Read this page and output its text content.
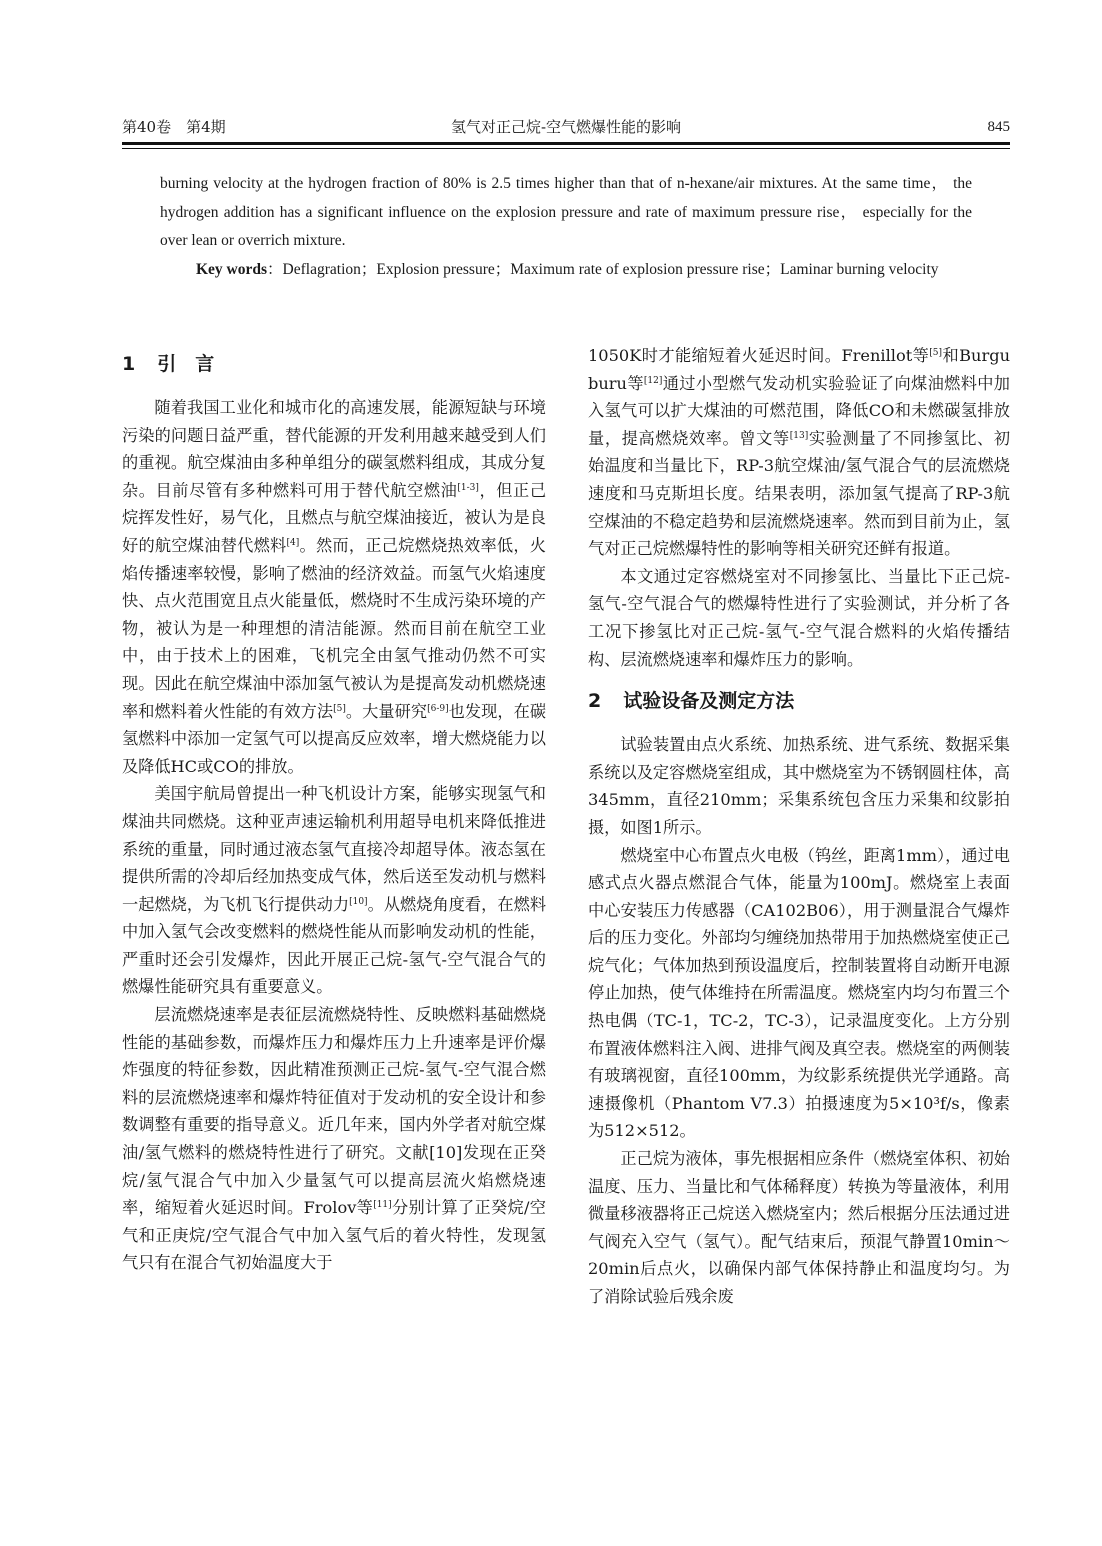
第40卷　第4期	氢气对正己烷-空气燃爆性能的影响	845

burning velocity at the hydrogen fraction of 80% is 2.5 times higher than that of n-hexane/air mixtures. At the same time， the hydrogen addition has a significant influence on the explosion pressure and rate of maximum pressure rise， especially for the over lean or overrich mixture.

Key words：Deflagration；Explosion pressure；Maximum rate of explosion pressure rise；Laminar burning velocity

1 引　言

随着我国工业化和城市化的高速发展，能源短缺与环境污染的问题日益严重，替代能源的开发利用越来越受到人们的重视。航空煤油由多种单组分的碳氢燃料组成，其成分复杂。目前尽管有多种燃料可用于替代航空燃油[1-3]，但正己烷挥发性好，易气化，且燃点与航空煤油接近，被认为是良好的航空煤油替代燃料[4]。然而，正己烷燃烧热效率低，火焰传播速率较慢，影响了燃油的经济效益。而氢气火焰速度快、点火范围宽且点火能量低，燃烧时不生成污染环境的产物，被认为是一种理想的清洁能源。然而目前在航空工业中，由于技术上的困难，飞机完全由氢气推动仍然不可实现。因此在航空煤油中添加氢气被认为是提高发动机燃烧速率和燃料着火性能的有效方法[5]。大量研究[6-9]也发现，在碳氢燃料中添加一定氢气可以提高反应效率，增大燃烧能力以及降低HC或CO的排放。

美国宇航局曾提出一种飞机设计方案，能够实现氢气和煤油共同燃烧。这种亚声速运输机利用超导电机来降低推进系统的重量，同时通过液态氢气直接冷却超导体。液态氢在提供所需的冷却后经加热变成气体，然后送至发动机与燃料一起燃烧，为飞机飞行提供动力[10]。从燃烧角度看，在燃料中加入氢气会改变燃料的燃烧性能从而影响发动机的性能，严重时还会引发爆炸，因此开展正己烷-氢气-空气混合气的燃爆性能研究具有重要意义。

层流燃烧速率是表征层流燃烧特性、反映燃料基础燃烧性能的基础参数，而爆炸压力和爆炸压力上升速率是评价爆炸强度的特征参数，因此精准预测正己烷-氢气-空气混合燃料的层流燃烧速率和爆炸特征值对于发动机的安全设计和参数调整有重要的指导意义。近几年来，国内外学者对航空煤油/氢气燃料的燃烧特性进行了研究。文献[10]发现在正癸烷/氢气混合气中加入少量氢气可以提高层流火焰燃烧速率，缩短着火延迟时间。Frolov等[11]分别计算了正癸烷/空气和正庚烷/空气混合气中加入氢气后的着火特性，发现氢气只有在混合气初始温度大于

1050K时才能缩短着火延迟时间。Frenillot等[5]和Burguburu等[12]通过小型燃气发动机实验验证了向煤油燃料中加入氢气可以扩大煤油的可燃范围，降低CO和未燃碳氢排放量，提高燃烧效率。曾文等[13]实验测量了不同掺氢比、初始温度和当量比下，RP-3航空煤油/氢气混合气的层流燃烧速度和马克斯坦长度。结果表明，添加氢气提高了RP-3航空煤油的不稳定趋势和层流燃烧速率。然而到目前为止，氢气对正己烷燃爆特性的影响等相关研究还鲜有报道。

本文通过定容燃烧室对不同掺氢比、当量比下正己烷-氢气-空气混合气的燃爆特性进行了实验测试，并分析了各工况下掺氢比对正己烷-氢气-空气混合燃料的火焰传播结构、层流燃烧速率和爆炸压力的影响。

2 试验设备及测定方法

试验装置由点火系统、加热系统、进气系统、数据采集系统以及定容燃烧室组成，其中燃烧室为不锈钢圆柱体，高345mm，直径210mm；采集系统包含压力采集和纹影拍摄，如图1所示。

燃烧室中心布置点火电极（钨丝，距离1mm），通过电感式点火器点燃混合气体，能量为100mJ。燃烧室上表面中心安装压力传感器（CA102B06），用于测量混合气爆炸后的压力变化。外部均匀缠绕加热带用于加热燃烧室使正己烷气化；气体加热到预设温度后，控制装置将自动断开电源停止加热，使气体维持在所需温度。燃烧室内均匀布置三个热电偶（TC-1，TC-2，TC-3），记录温度变化。上方分别布置液体燃料注入阀、进排气阀及真空表。燃烧室的两侧装有玻璃视窗，直径100mm，为纹影系统提供光学通路。高速摄像机（Phantom V7.3）拍摄速度为5×10³f/s，像素为512×512。

正己烷为液体，事先根据相应条件（燃烧室体积、初始温度、压力、当量比和气体稀释度）转换为等量液体，利用微量移液器将正己烷送入燃烧室内；然后根据分压法通过进气阀充入空气（氢气）。配气结束后，预混气静置10min～20min后点火，以确保内部气体保持静止和温度均匀。为了消除试验后残余废
